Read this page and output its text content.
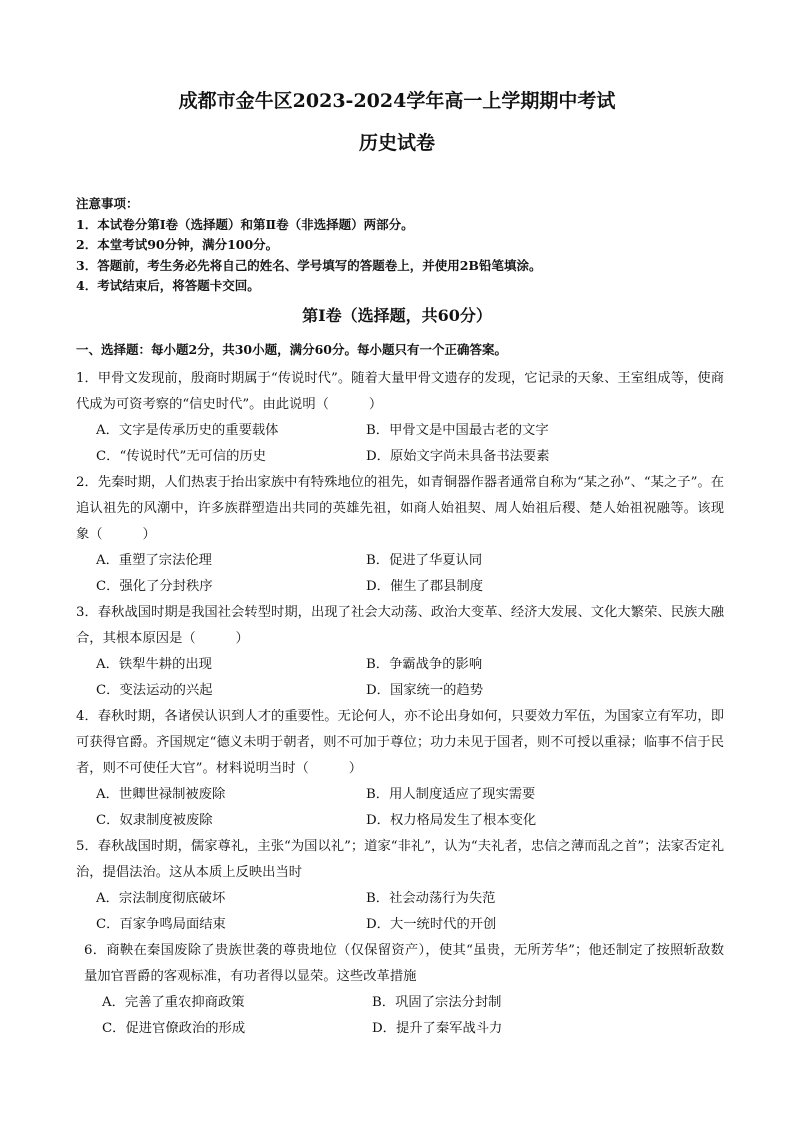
成都市金牛区2023-2024学年高一上学期期中考试
历史试卷
注意事项：
1．本试卷分第Ⅰ卷（选择题）和第Ⅱ卷（非选择题）两部分。
2．本堂考试90分钟，满分100分。
3．答题前，考生务必先将自己的姓名、学号填写的答题卷上，并使用2B铅笔填涂。
4．考试结束后，将答题卡交回。
第Ⅰ卷（选择题，共60分）
一、选择题：每小题2分，共30小题，满分60分。每小题只有一个正确答案。
1．甲骨文发现前，殷商时期属于“传说时代”。随着大量甲骨文遗存的发现，它记录的天象、王室组成等，使商代成为可资考察的“信史时代”。由此说明（　　　）
A．文字是传承历史的重要载体	B．甲骨文是中国最古老的文字
C．“传说时代”无可信的历史	D．原始文字尚未具备书法要素
2．先秦时期，人们热衷于抬出家族中有特殊地位的祖先，如青铜器作器者通常自称为“某之孙”、“某之子”。在追认祖先的风潮中，许多族群塑造出共同的英雄先祖，如商人始祖契、周人始祖后稷、楚人始祖祝融等。该现象（　　　）
A．重塑了宗法伦理	B．促进了华夏认同
C．强化了分封秩序	D．催生了郡县制度
3．春秋战国时期是我国社会转型时期，出现了社会大动荡、政治大变革、经济大发展、文化大繁荣、民族大融合，其根本原因是（　　　）
A．铁犁牛耕的出现	B．争霸战争的影响
C．变法运动的兴起	D．国家统一的趋势
4．春秋时期，各诸侯认识到人才的重要性。无论何人，亦不论出身如何，只要效力军伍，为国家立有军功，即可获得官爵。齐国规定“德义未明于朝者，则不可加于尊位；功力未见于国者，则不可授以重禄；临事不信于民者，则不可使任大官”。材料说明当时（　　　）
A．世卿世禄制被废除	B．用人制度适应了现实需要
C．奴隶制度被废除	D．权力格局发生了根本变化
5．春秋战国时期，儒家尊礼，主张“为国以礼”；道家“非礼”，认为“夫礼者，忠信之薄而乱之首”；法家否定礼治，提倡法治。这从本质上反映出当时
A．宗法制度彻底破坏	B．社会动荡行为失范
C．百家争鸣局面结束	D．大一统时代的开创
6．商鞅在秦国废除了贵族世袭的尊贵地位（仅保留资产），使其“虽贵，无所芳华”；他还制定了按照斩敌数量加官晋爵的客观标准，有功者得以显荣。这些改革措施
A．完善了重农抑商政策	B．巩固了宗法分封制
C．促进官僚政治的形成	D．提升了秦军战斗力
